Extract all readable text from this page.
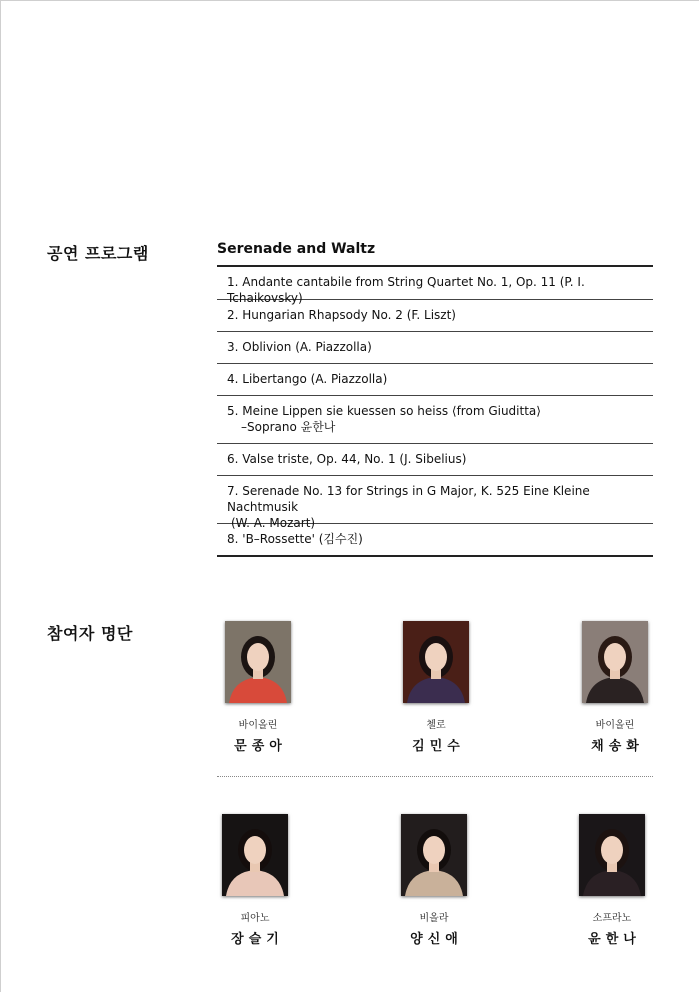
공연 프로그램	Serenade and Waltz
1. Andante cantabile from String Quartet No. 1, Op. 11 (P. I. Tchaikovsky)
2. Hungarian Rhapsody No. 2 (F. Liszt)
3. Oblivion (A. Piazzolla)
4. Libertango (A. Piazzolla)
5. Meine Lippen sie kuessen so heiss ⟨from Giuditta⟩
–Soprano 윤한나
6. Valse triste, Op. 44, No. 1 (J. Sibelius)
7. Serenade No. 13 for Strings in G Major, K. 525 Eine Kleine Nachtmusik
(W. A. Mozart)
8. 'B–Rossette' (김수진)
참여자 명단
바이올린
문종아
첼로
김민수
바이올린
채송화
피아노
장슬기
비올라
양신애
소프라노
윤한나
